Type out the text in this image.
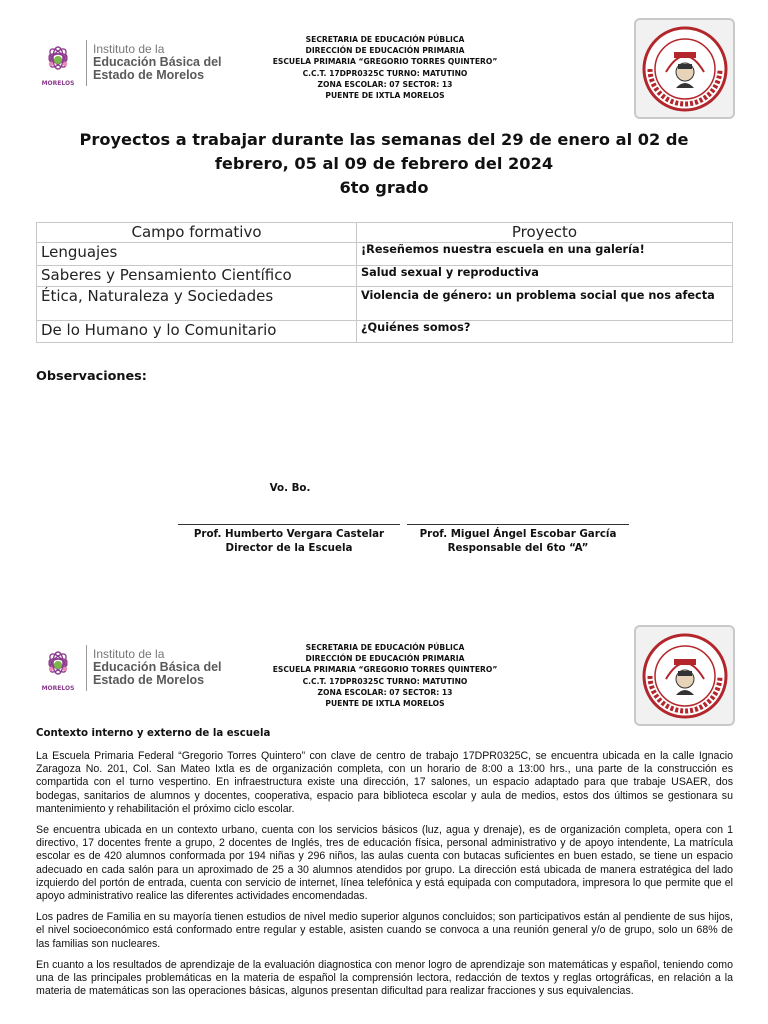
MORELOS
Instituto de la
Educación Básica del
Estado de Morelos
SECRETARIA DE EDUCACIÓN PÚBLICA
DIRECCIÓN DE EDUCACIÓN PRIMARIA
ESCUELA PRIMARIA “GREGORIO TORRES QUINTERO”
C.C.T. 17DPR0325C TURNO: MATUTINO
ZONA ESCOLAR: 07 SECTOR: 13
PUENTE DE IXTLA MORELOS
Proyectos a trabajar durante las semanas del 29 de enero al 02 de
febrero, 05 al 09 de febrero del 2024
6to grado
Campo formativo	Proyecto
Lenguajes	¡Reseñemos nuestra escuela en una galería!
Saberes y Pensamiento Científico	Salud sexual y reproductiva
Ética, Naturaleza y Sociedades	Violencia de género: un problema social que nos afecta
De lo Humano y lo Comunitario	¿Quiénes somos?
Observaciones:
Vo. Bo.
Prof. Humberto Vergara Castelar
Director de la Escuela
Prof. Miguel Ángel Escobar García
Responsable del 6to “A”
MORELOS
Instituto de la
Educación Básica del
Estado de Morelos
SECRETARIA DE EDUCACIÓN PÚBLICA
DIRECCIÓN DE EDUCACIÓN PRIMARIA
ESCUELA PRIMARIA “GREGORIO TORRES QUINTERO”
C.C.T. 17DPR0325C TURNO: MATUTINO
ZONA ESCOLAR: 07 SECTOR: 13
PUENTE DE IXTLA MORELOS
Contexto interno y externo de la escuela

La Escuela Primaria Federal “Gregorio Torres Quintero” con clave de centro de trabajo 17DPR0325C, se encuentra ubicada en la calle Ignacio Zaragoza No. 201, Col. San Mateo Ixtla es de organización completa, con un horario de 8:00 a 13:00 hrs., una parte de la construcción es compartida con el turno vespertino. En infraestructura existe una dirección, 17 salones, un espacio adaptado para que trabaje USAER, dos bodegas, sanitarios de alumnos y docentes, cooperativa, espacio para biblioteca escolar y aula de medios, estos dos últimos se gestionara su mantenimiento y rehabilitación el próximo ciclo escolar.

Se encuentra ubicada en un contexto urbano, cuenta con los servicios básicos (luz, agua y drenaje), es de organización completa, opera con 1 directivo, 17 docentes frente a grupo, 2 docentes de Inglés, tres de educación física, personal administrativo y de apoyo intendente, La matrícula escolar es de 420 alumnos conformada por 194 niñas y 296 niños, las aulas cuenta con butacas suficientes en buen estado, se tiene un espacio adecuado en cada salón para un aproximado de 25 a 30 alumnos atendidos por grupo. La dirección está ubicada de manera estratégica del lado izquierdo del portón de entrada, cuenta con servicio de internet, línea telefónica y está equipada con computadora, impresora lo que permite que el apoyo administrativo realice las diferentes actividades encomendadas.

Los padres de Familia en su mayoría tienen estudios de nivel medio superior algunos concluidos; son participativos están al pendiente de sus hijos, el nivel socioeconómico está conformado entre regular y estable, asisten cuando se convoca a una reunión general y/o de grupo, solo un 68% de las familias son nucleares.

En cuanto a los resultados de aprendizaje de la evaluación diagnostica con menor logro de aprendizaje son matemáticas y español, teniendo como una de las principales problemáticas en la materia de español la comprensión lectora, redacción de textos y reglas ortográficas, en relación a la materia de matemáticas son las operaciones básicas, algunos presentan dificultad para realizar fracciones y sus equivalencias.
